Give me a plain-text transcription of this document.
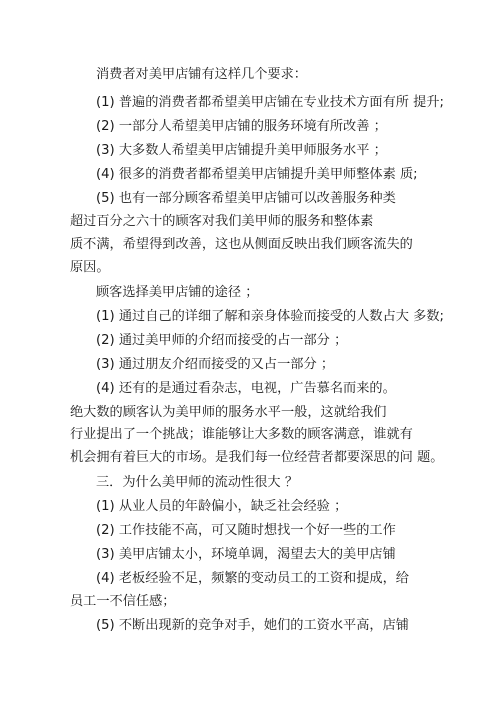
消费者对美甲店铺有这样几个要求：
(1) 普遍的消费者都希望美甲店铺在专业技术方面有所 提升;
(2) 一部分人希望美甲店铺的服务环境有所改善 ；
(3) 大多数人希望美甲店铺提升美甲师服务水平 ；
(4) 很多的消费者都希望美甲店铺提升美甲师整体素 质;
(5) 也有一部分顾客希望美甲店铺可以改善服务种类
超过百分之六十的顾客对我们美甲师的服务和整体素
质不满，希望得到改善，这也从侧面反映出我们顾客流失的
原因。
顾客选择美甲店铺的途径 ；
(1) 通过自己的详细了解和亲身体验而接受的人数占大 多数;
(2) 通过美甲师的介绍而接受的占一部分 ；
(3) 通过朋友介绍而接受的又占一部分 ；
(4) 还有的是通过看杂志，电视，广告慕名而来的。
绝大数的顾客认为美甲师的服务水平一般，这就给我们
行业提出了一个挑战；谁能够让大多数的顾客满意，谁就有
机会拥有着巨大的市场。是我们每一位经营者都要深思的问 题。
三．为什么美甲师的流动性很大 ？
(1) 从业人员的年龄偏小，缺乏社会经验 ；
(2) 工作技能不高，可又随时想找一个好一些的工作
(3) 美甲店铺太小，环境单调，渴望去大的美甲店铺
(4) 老板经验不足，频繁的变动员工的工资和提成，给
员工一不信任感；
(5) 不断出现新的竞争对手，她们的工资水平高，店铺
